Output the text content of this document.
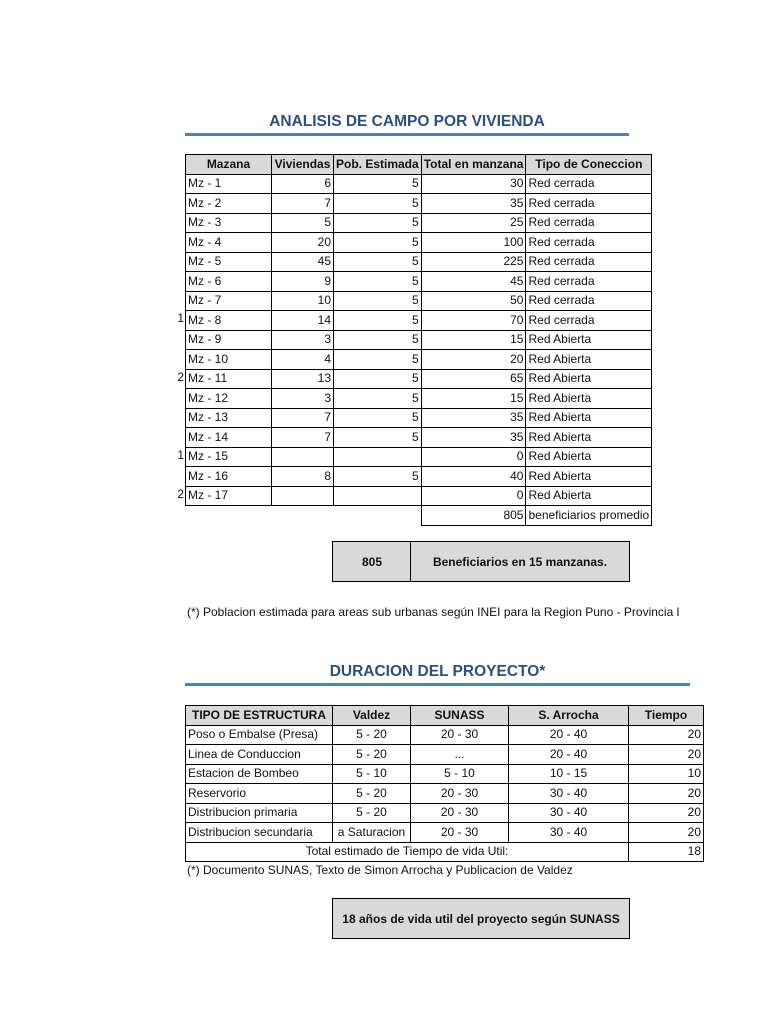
ANALISIS DE CAMPO POR VIVIENDA
1
2
1
2
Mazana	Viviendas	Pob. Estimada	Total en manzana	Tipo de Coneccion
Mz - 1	6	5	30	Red cerrada
Mz - 2	7	5	35	Red cerrada
Mz - 3	5	5	25	Red cerrada
Mz - 4	20	5	100	Red cerrada
Mz - 5	45	5	225	Red cerrada
Mz - 6	9	5	45	Red cerrada
Mz - 7	10	5	50	Red cerrada
Mz - 8	14	5	70	Red cerrada
Mz - 9	3	5	15	Red Abierta
Mz - 10	4	5	20	Red Abierta
Mz - 11	13	5	65	Red Abierta
Mz - 12	3	5	15	Red Abierta
Mz - 13	7	5	35	Red Abierta
Mz - 14	7	5	35	Red Abierta
Mz - 15			0	Red Abierta
Mz - 16	8	5	40	Red Abierta
Mz - 17			0	Red Abierta
			805	beneficiarios promedio
805	Beneficiarios en 15 manzanas.
(*) Poblacion estimada para areas sub urbanas según INEI para la Region Puno - Provincia l
DURACION DEL PROYECTO*
TIPO DE ESTRUCTURA	Valdez	SUNASS	S. Arrocha	Tiempo
Poso o Embalse (Presa)	5 - 20	20 - 30	20 - 40	20
Linea de Conduccion	5 - 20	...	20 - 40	20
Estacion de Bombeo	5 - 10	5 - 10	10 - 15	10
Reservorio	5 - 20	20 - 30	30 - 40	20
Distribucion primaria	5 - 20	20 - 30	30 - 40	20
Distribucion secundaria	a Saturacion	20 - 30	30 - 40	20
Total estimado de Tiempo de vida Util:				18
(*) Documento SUNAS, Texto de Simon Arrocha y Publicacion de Valdez
18 años de vida util del proyecto según SUNASS
